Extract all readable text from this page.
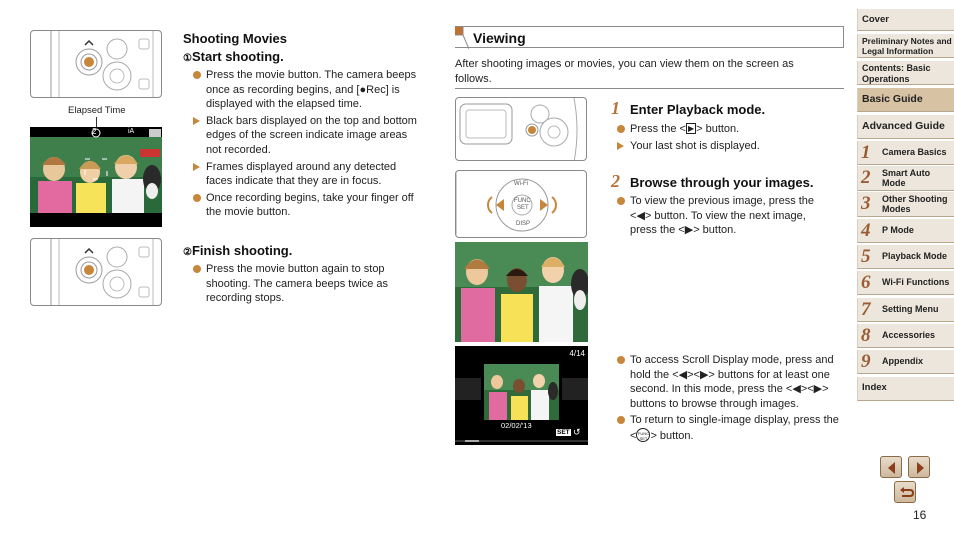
Elapsed Time
2	iA
Shooting Movies
①Start shooting.
Press the movie button. The camera beeps once as recording begins, and [●Rec] is displayed with the elapsed time.
Black bars displayed on the top and bottom edges of the screen indicate image areas not recorded.
Frames displayed around any detected faces indicate that they are in focus.
Once recording begins, take your finger off the movie button.
②Finish shooting.
Press the movie button again to stop shooting. The camera beeps twice as recording stops.
Viewing
After shooting images or movies, you can view them on the screen as follows.
Wi-Fi
FUNC
SET
DISP
4/14
02/02/'13
SET ↺
1 Enter Playback mode.
Press the < ▶ > button.
Your last shot is displayed.
2 Browse through your images.
To view the previous image, press the <◀> button. To view the next image, press the <▶> button.
To access Scroll Display mode, press and hold the <◀><▶> buttons for at least one second. In this mode, press the <◀><▶> buttons to browse through images.
To return to single-image display, press the <FUNC SET > button.
Cover
Preliminary Notes and Legal Information
Contents: Basic Operations
Basic Guide
Advanced Guide
1 Camera Basics
2 Smart Auto Mode
3 Other Shooting Modes
4 P Mode
5 Playback Mode
6 Wi-Fi Functions
7 Setting Menu
8 Accessories
9 Appendix
Index
16
